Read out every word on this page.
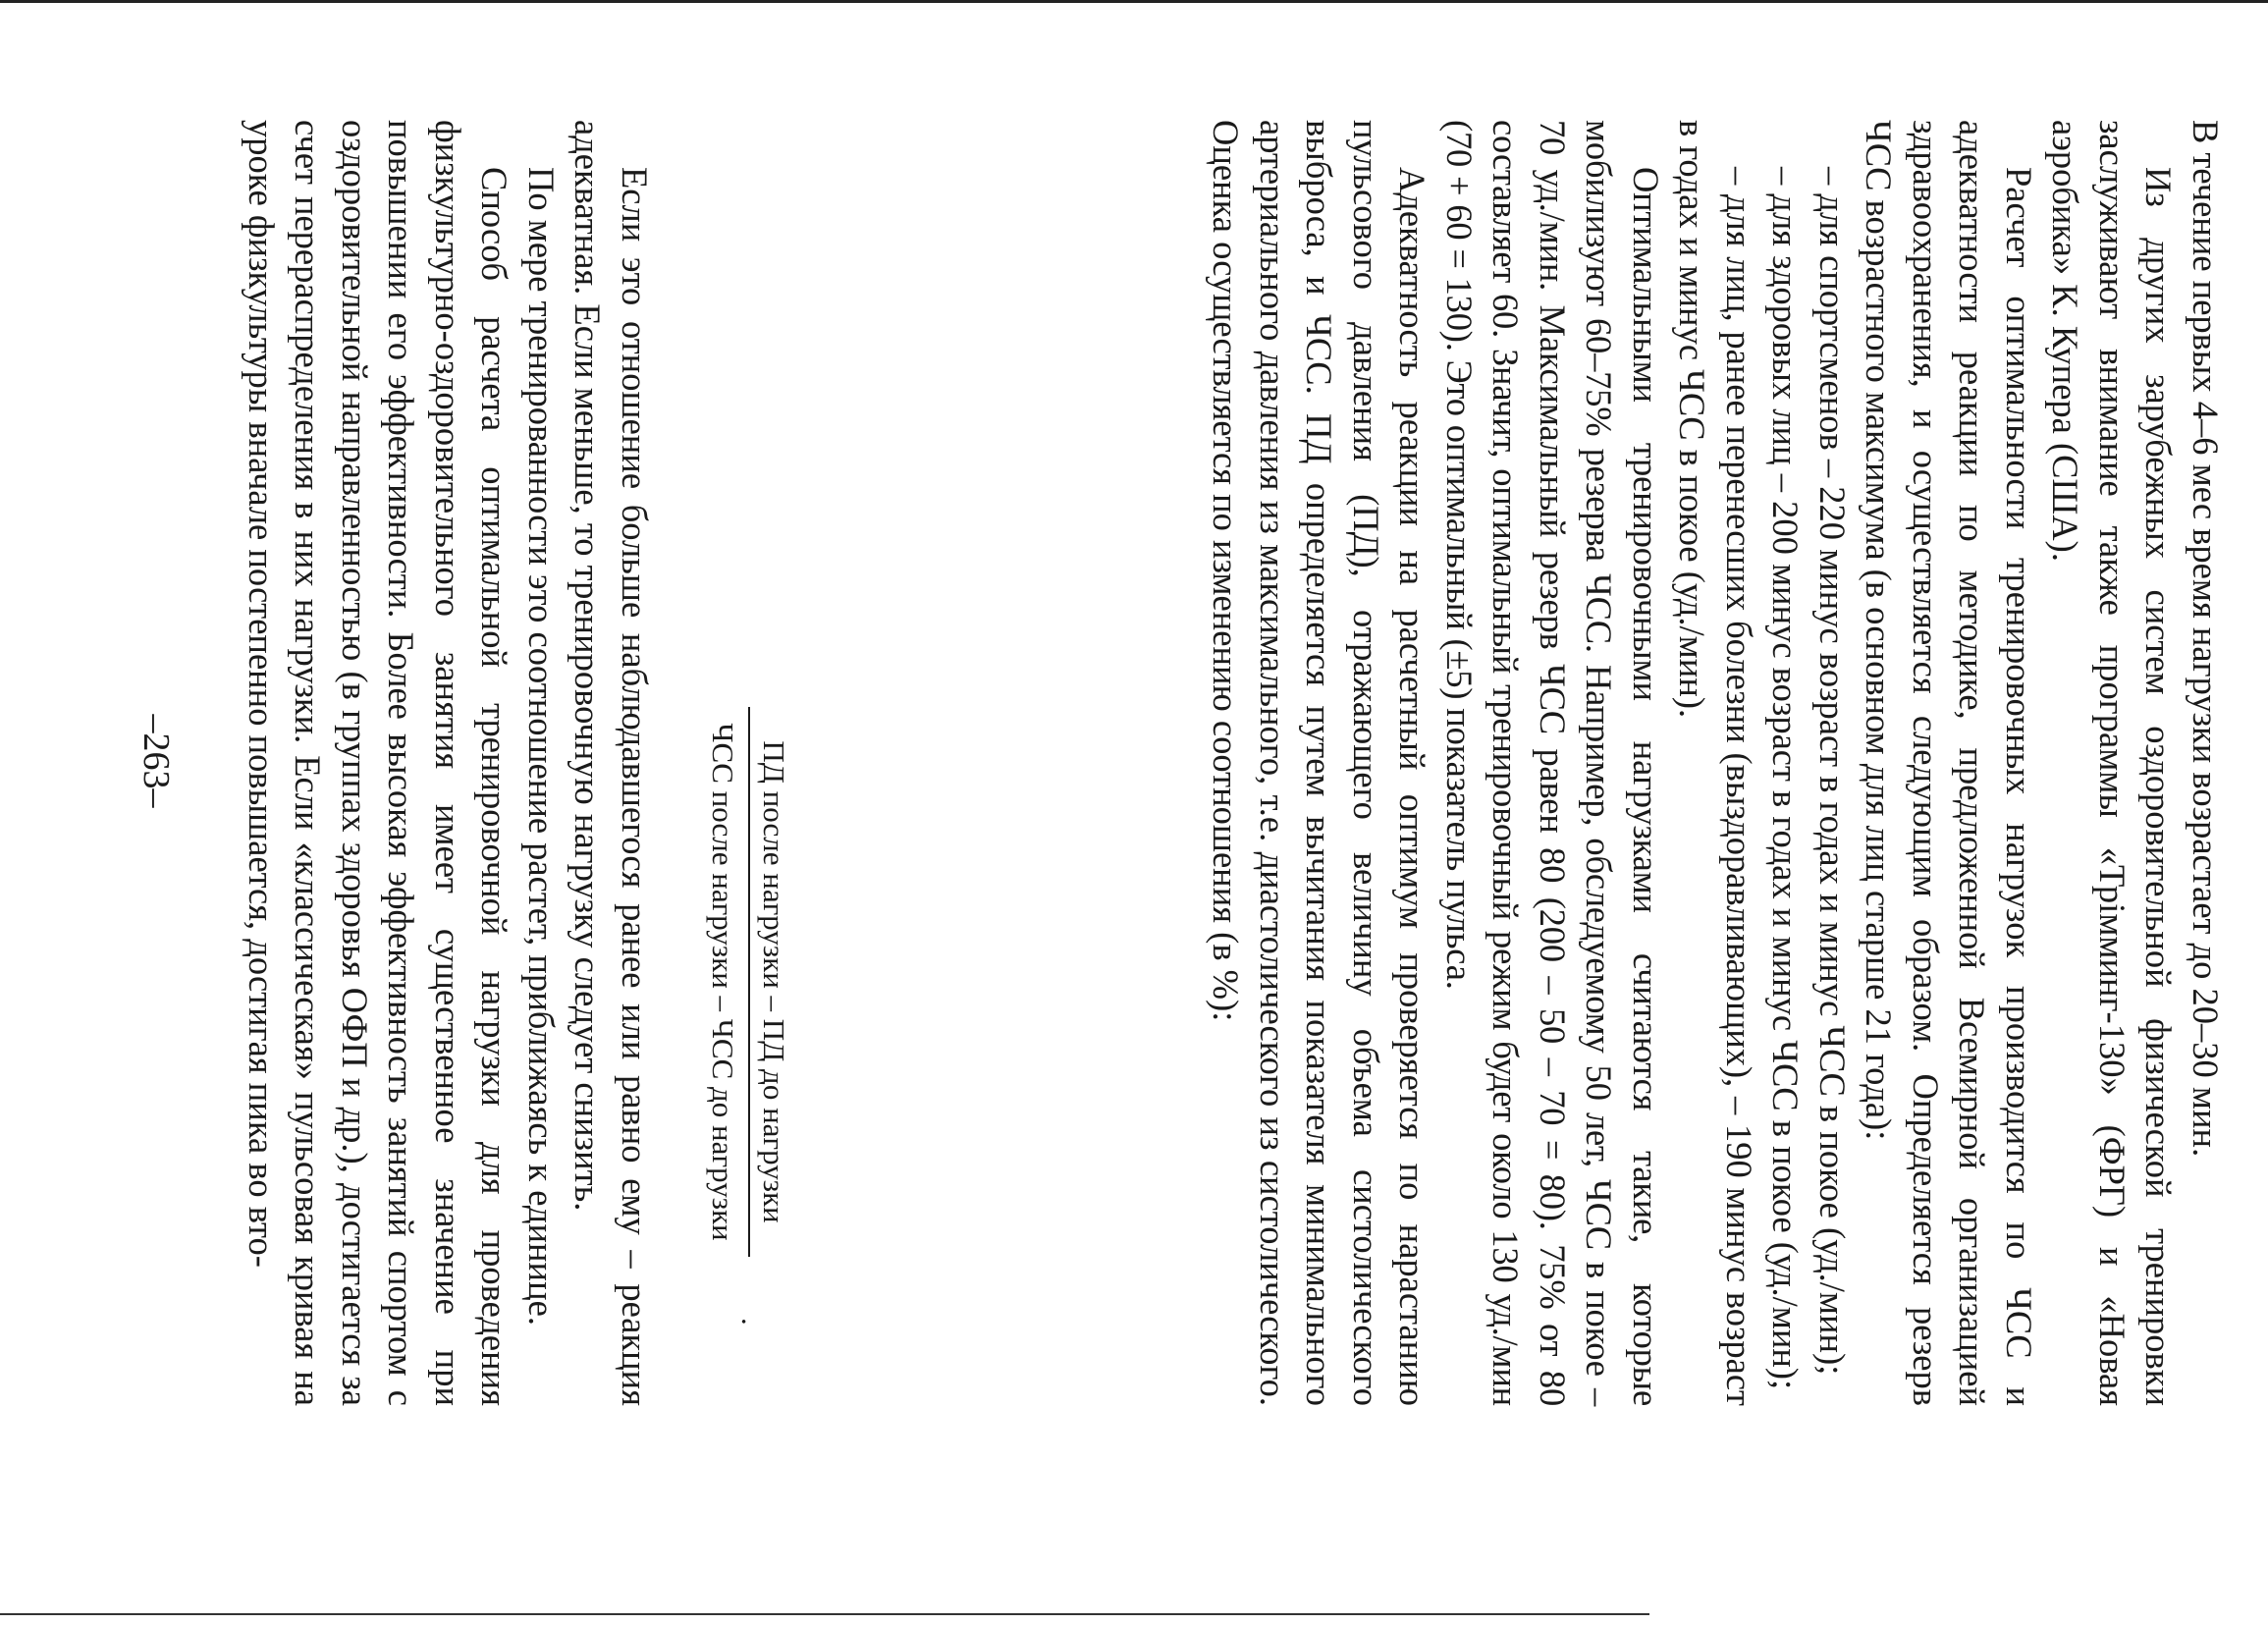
В течение первых 4–6 мес время нагрузки возрастает до 20–30 мин.

Из других зарубежных систем оздоровительной физической тренировки заслуживают внимание также программы «Трімминг-130» (ФРГ) и «Новая аэробика» К. Купера (США).

Расчет оптимальности тренировочных нагрузок производится по ЧСС и адекватности реакции по методике, предложенной Всемирной организацией здравоохранения, и осуществляется следующим образом. Определяется резерв ЧСС возрастного максимума (в основном для лиц старше 21 года):

– для спортсменов – 220 минус возраст в годах и минус ЧСС в покое (уд./мин);

– для здоровых лиц – 200 минус возраст в годах и минус ЧСС в покое (уд./мин);

– для лиц, ранее перенесших болезни (выздоравливающих), – 190 минус возраст в годах и минус ЧСС в покое (уд./мин).

Оптимальными тренировочными нагрузками считаются такие, которые мобилизуют 60–75% резерва ЧСС. Например, обследуемому 50 лет, ЧСС в покое – 70 уд./мин. Максимальный резерв ЧСС равен 80 (200 – 50 – 70 = 80). 75% от 80 составляет 60. Значит, оптимальный тренировочный режим будет около 130 уд./мин (70 + 60 = 130). Это оптимальный (±5) показатель пульса.

Адекватность реакции на расчетный оптимум проверяется по нарастанию пульсового давления (ПД), отражающего величину объема систолического выброса, и ЧСС. ПД определяется путем вычитания показателя минимального артериального давления из максимального, т.е. диастолического из систолического. Оценка осуществляется по изменению соотношения (в %):

ПД после нагрузки – ПД до нагрузки
ЧСС после нагрузки – ЧСС до нагрузки
.

Если это отношение больше наблюдавшегося ранее или равно ему – реакция адекватная. Если меньше, то тренировочную нагрузку следует снизить.

По мере тренированности это соотношение растет, приближаясь к единице.

Способ расчета оптимальной тренировочной нагрузки для проведения физкультурно-оздоровительного занятия имеет существенное значение при повышении его эффективности. Более высокая эффективность занятий спортом с оздоровительной направленностью (в группах здоровья ОФП и др.), достигается за счет перераспределения в них нагрузки. Если «классическая» пульсовая кривая на уроке физкультуры вначале постепенно повышается, достигая пика во вто-

–263–
